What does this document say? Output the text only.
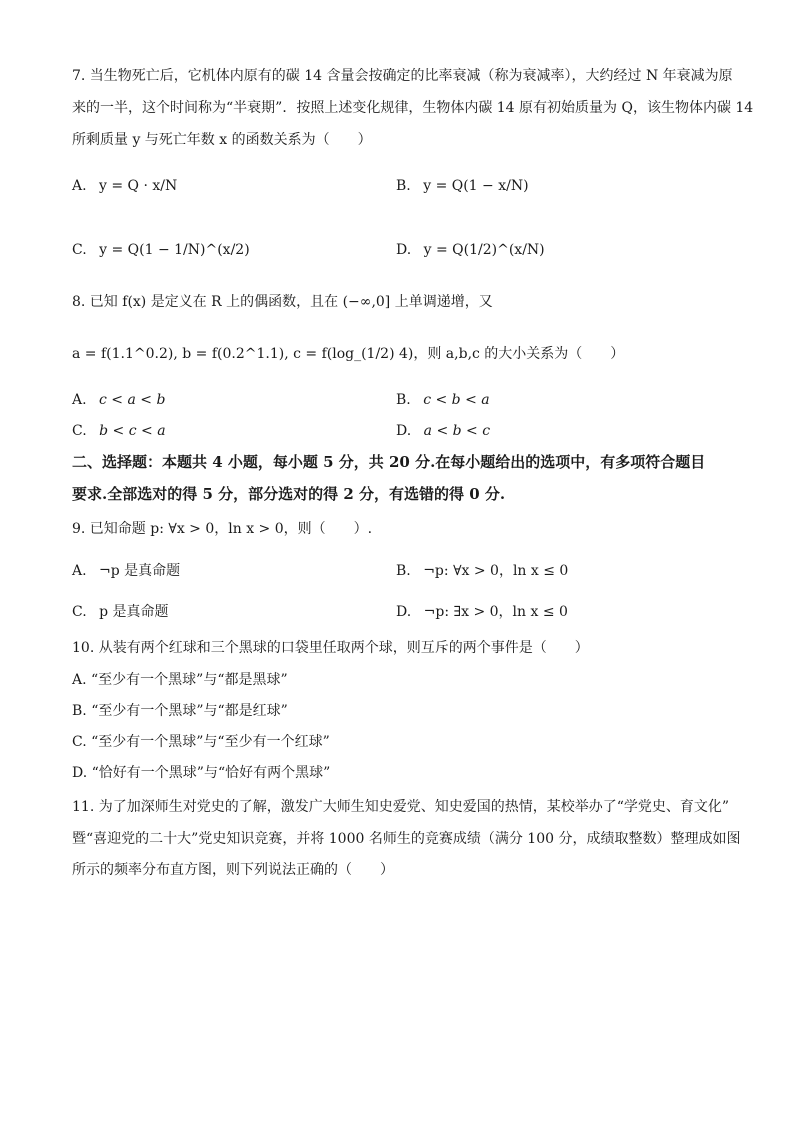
7. 当生物死亡后，它机体内原有的碳 14 含量会按确定的比率衰减（称为衰减率），大约经过 N 年衰减为原
来的一半，这个时间称为“半衰期”．按照上述变化规律，生物体内碳 14 原有初始质量为 Q，该生物体内碳 14
所剩质量 y 与死亡年数 x 的函数关系为（　　）
A. y = Q · x/N	B. y = Q(1 − x/N)
C. y = Q(1 − 1/N)^(x/2)	D. y = Q(1/2)^(x/N)
8. 已知 f(x) 是定义在 R 上的偶函数，且在 (−∞,0] 上单调递增，又
a = f(1.1^0.2), b = f(0.2^1.1), c = f(log_(1/2) 4)，则 a,b,c 的大小关系为（　　）
A. c < a < b	B. c < b < a
C. b < c < a	D. a < b < c
二、选择题：本题共 4 小题，每小题 5 分，共 20 分.在每小题给出的选项中，有多项符合题目
要求.全部选对的得 5 分，部分选对的得 2 分，有选错的得 0 分.
9. 已知命题 p: ∀x > 0，ln x > 0，则（　　）.
A. ¬p 是真命题	B. ¬p: ∀x > 0，ln x ≤ 0
C. p 是真命题	D. ¬p: ∃x > 0，ln x ≤ 0
10. 从装有两个红球和三个黑球的口袋里任取两个球，则互斥的两个事件是（　　）
A. “至少有一个黑球”与“都是黑球”
B. “至少有一个黑球”与“都是红球”
C. “至少有一个黑球”与“至少有一个红球”
D. “恰好有一个黑球”与“恰好有两个黑球”
11. 为了加深师生对党史的了解，激发广大师生知史爱党、知史爱国的热情，某校举办了“学党史、育文化”
暨“喜迎党的二十大”党史知识竞赛，并将 1000 名师生的竞赛成绩（满分 100 分，成绩取整数）整理成如图
所示的频率分布直方图，则下列说法正确的（　　）
